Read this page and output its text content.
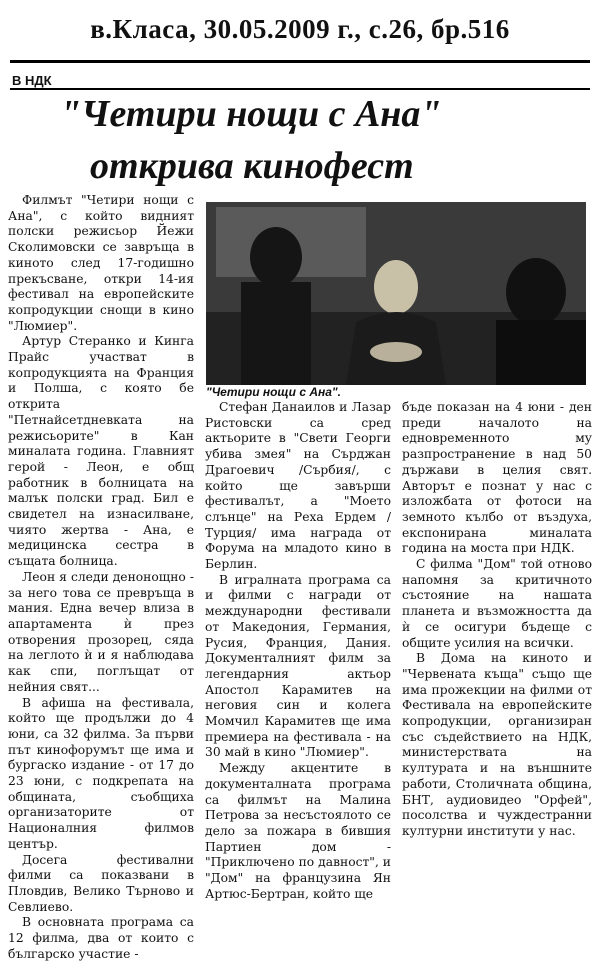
в.Класа, 30.05.2009 г., с.26, бр.516
В НДК
"Четири нощи с Ана"
открива кинофест

Филмът "Четири нощи с Ана", с който видният полски режисьор Йежи Сколимовски се завръща в киното след 17-годишно прекъсване, откри 14-ия фестивал на европейските копродукции снощи в кино "Люмиер".

Артур Стеранко и Кинга Прайс участват в копродукцията на Франция и Полша, с която бе открита "Петнайсетдневката на режисьорите" в Кан миналата година. Главният герой - Леон, е общ работник в болницата на малък полски град. Бил е свидетел на изнасилване, чиято жертва - Ана, е медицинска сестра в същата болница.

Леон я следи денонощно - за него това се превръща в мания. Една вечер влиза в апартамента ѝ през отворения прозорец, сяда на леглото ѝ и я наблюдава как спи, поглъщат от нейния свят...

В афиша на фестивала, който ще продължи до 4 юни, са 32 филма. За първи път кинофорумът ще има и бургаско издание - от 17 до 23 юни, с подкрепата на общината, съобщиха организаторите от Националния филмов център.

Досега фестивални филми са показвани в Пловдив, Велико Търново и Севлиево.

В основната програма са 12 филма, два от които с българско участие -

"Четири нощи с Ана".

Стефан Данаилов и Лазар Ристовски са сред актьорите в "Свети Георги убива змея" на Сърджан Драгоевич /Сърбия/, с който ще завърши фестивалът, а "Моето слънце" на Реха Ердем /Турция/ има награда от Форума на младото кино в Берлин.

В игралната програма са и филми с награди от международни фестивали от Македония, Германия, Русия, Франция, Дания. Документалният филм за легендарния актьор Апостол Карамитев на неговия син и колега Момчил Карамитев ще има премиера на фестивала - на 30 май в кино "Люмиер".

Между акцентите в документалната програма са филмът на Малина Петрова за несъстоялото се дело за пожара в бившия Партиен дом - "Приключено по давност", и "Дом" на французина Ян Артюс-Бертран, който ще

бъде показан на 4 юни - ден преди началото на едновременното му разпространение в над 50 държави в целия свят. Авторът е познат у нас с изложбата от фотоси на земното кълбо от въздуха, експонирана миналата година на моста при НДК.

С филма "Дом" той отново напомня за критичното състояние на нашата планета и възможността да ѝ се осигури бъдеще с общите усилия на всички.

В Дома на киното и "Червената къща" също ще има прожекции на филми от Фестивала на европейските копродукции, организиран със съдействието на НДК, министерствата на културата и на външните работи, Столичната община, БНТ, аудиовидео "Орфей", посолства и чуждестранни културни институти у нас.
